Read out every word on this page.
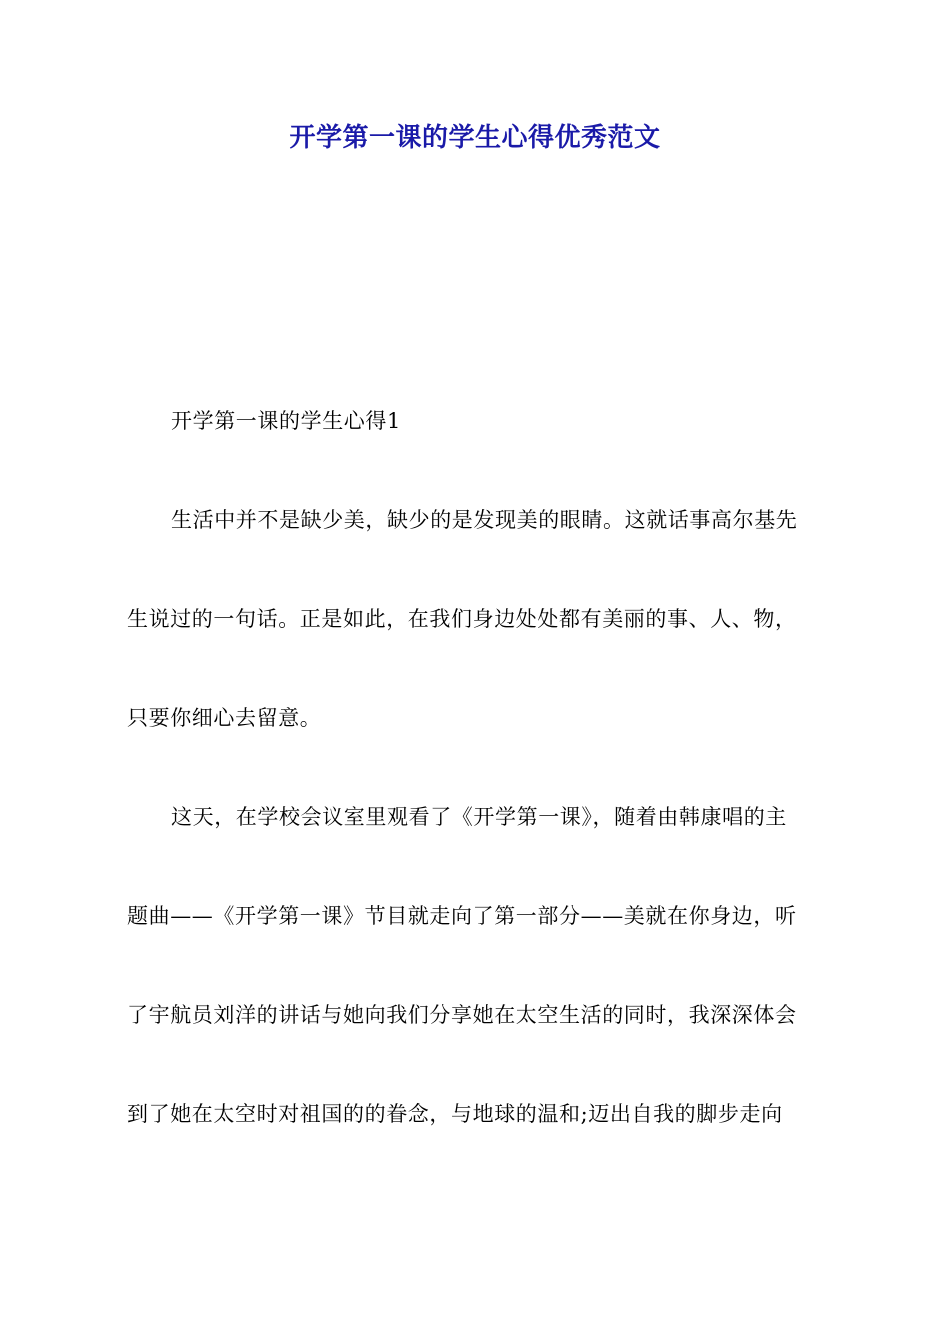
开学第一课的学生心得优秀范文
开学第一课的学生心得1
生活中并不是缺少美，缺少的是发现美的眼睛。这就话事高尔基先
生说过的一句话。正是如此，在我们身边处处都有美丽的事、人、物，
只要你细心去留意。
这天，在学校会议室里观看了《开学第一课》，随着由韩康唱的主
题曲——《开学第一课》节目就走向了第一部分——美就在你身边，听
了宇航员刘洋的讲话与她向我们分享她在太空生活的同时，我深深体会
到了她在太空时对祖国的的眷念，与地球的温和;迈出自我的脚步走向
